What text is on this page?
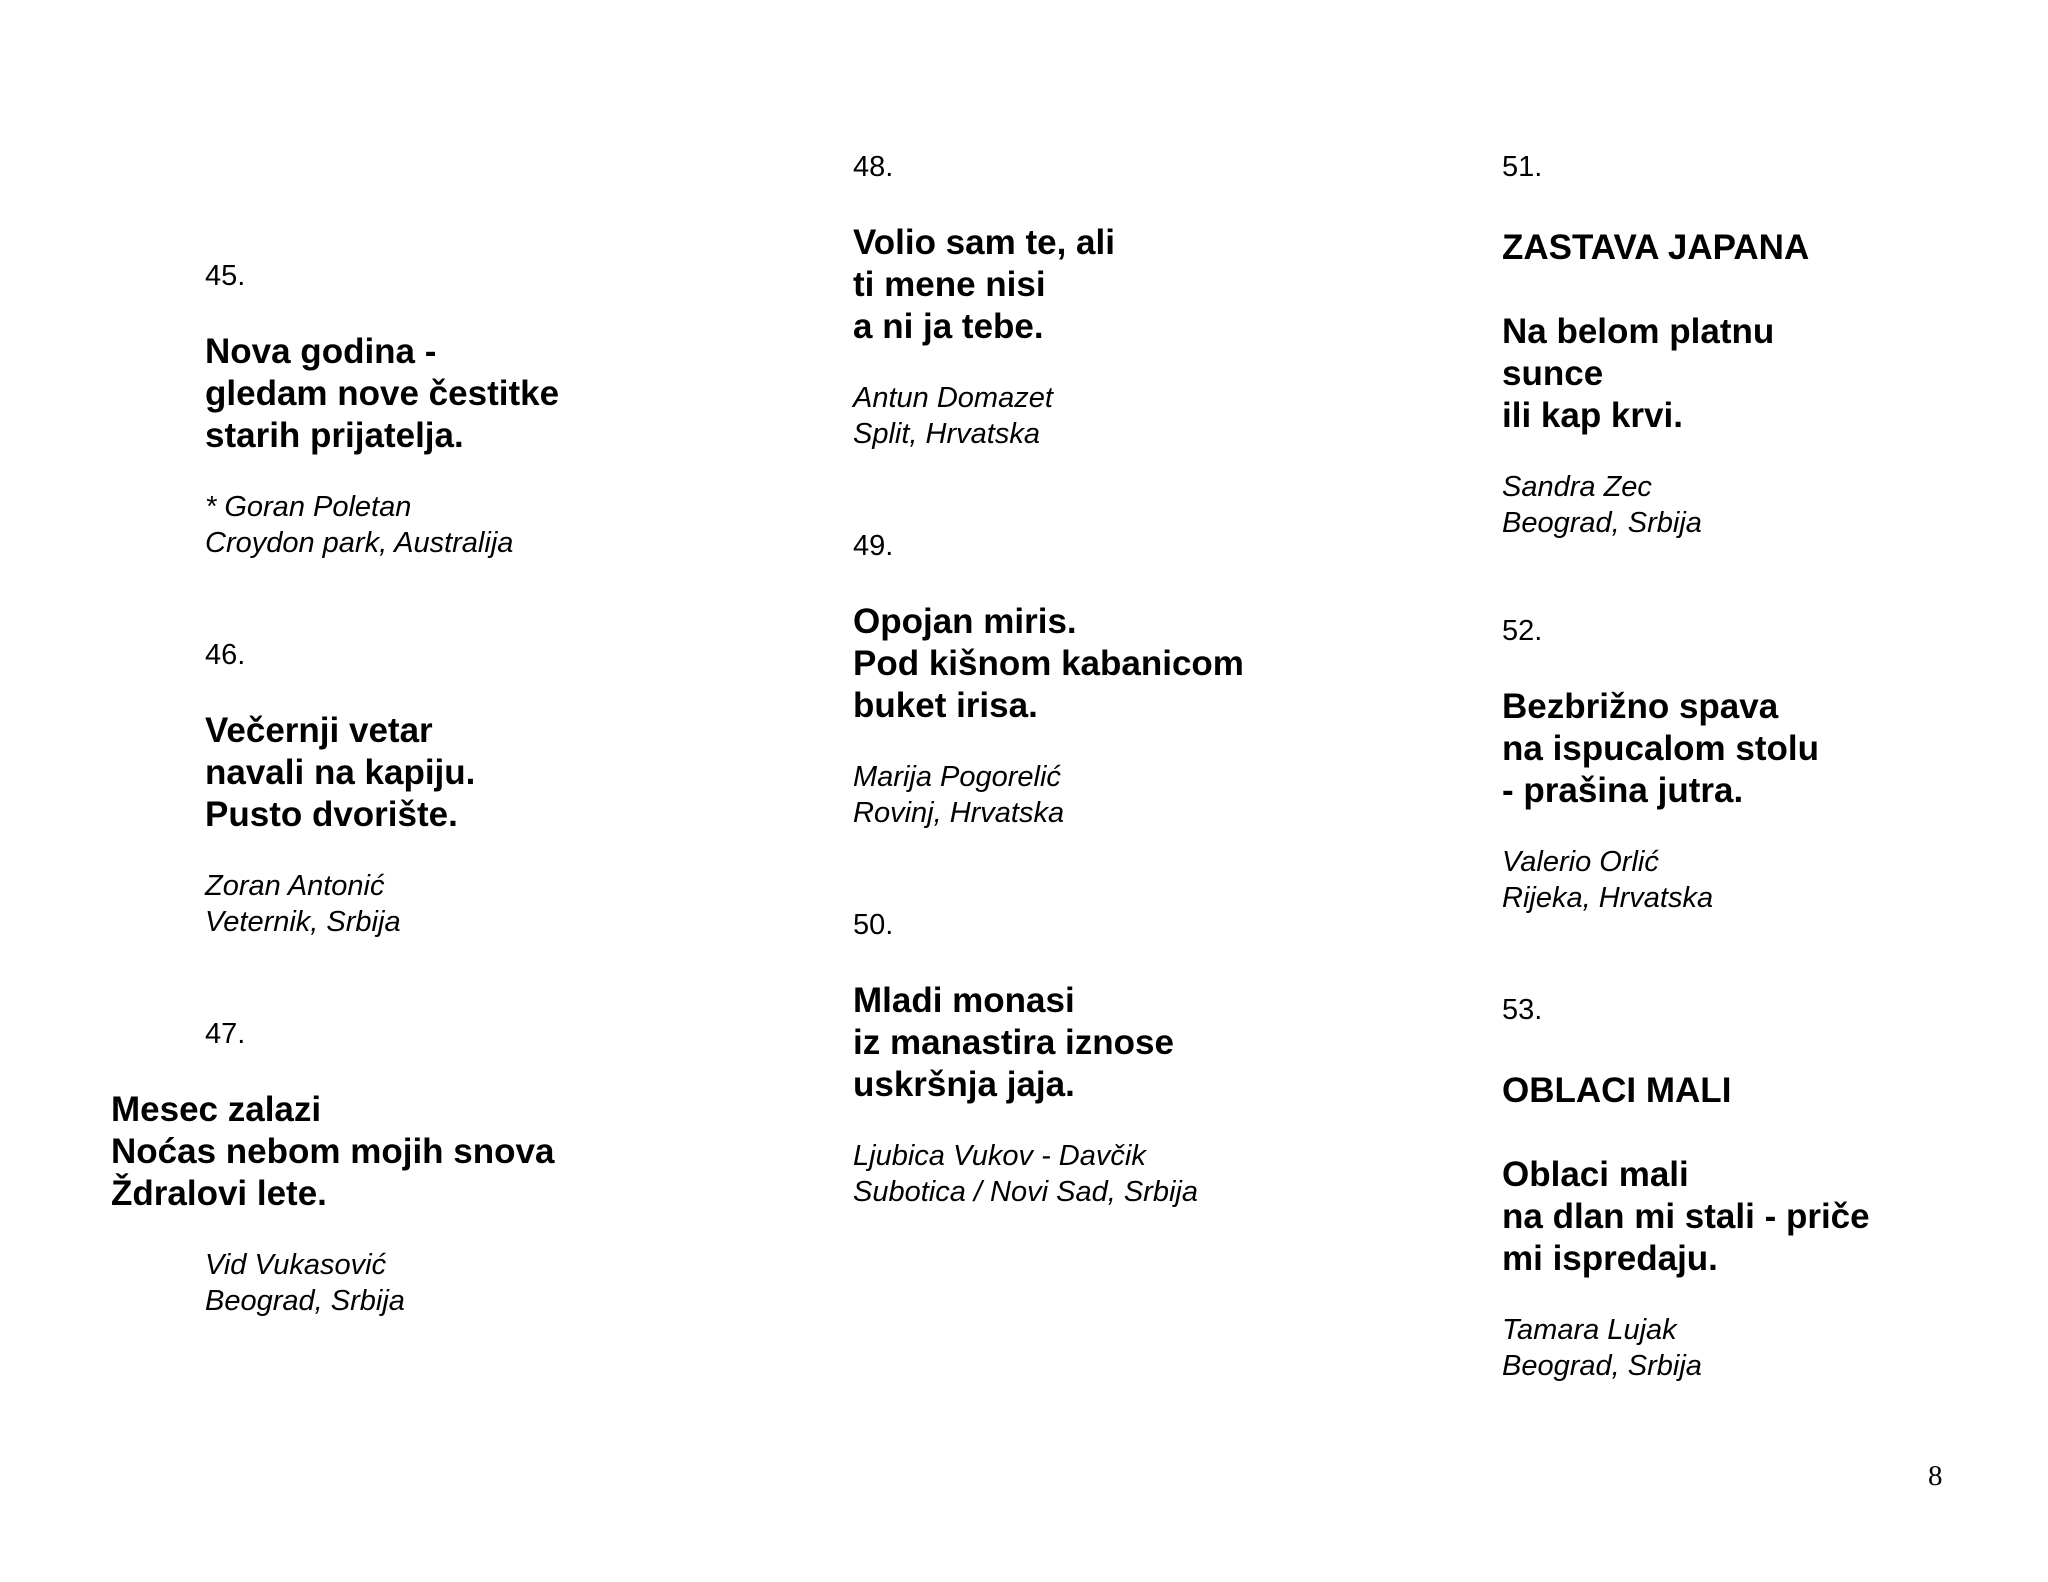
45.

Nova godina -
gledam nove čestitke
starih prijatelja.
* Goran Poletan
Croydon park, Australija

46.

Večernji vetar
navali na kapiju.
Pusto dvorište.
Zoran Antonić
Veternik, Srbija

47.

Mesec zalazi
Noćas nebom mojih snova
Ždralovi lete.
Vid Vukasović
Beograd, Srbija

48.

Volio sam te, ali
ti mene nisi
a ni ja tebe.
Antun Domazet
Split, Hrvatska

49.

Opojan miris.
Pod kišnom kabanicom
buket irisa.
Marija Pogorelić
Rovinj, Hrvatska

50.

Mladi monasi
iz manastira iznose
uskršnja jaja.
Ljubica Vukov - Davčik
Subotica / Novi Sad, Srbija

51.

ZASTAVA JAPANA
Na belom platnu
sunce
ili kap krvi.
Sandra Zec
Beograd, Srbija

52.

Bezbrižno spava
na ispucalom stolu
- prašina jutra.
Valerio Orlić
Rijeka, Hrvatska

53.

OBLACI MALI
Oblaci mali
na dlan mi stali - priče
mi ispredaju.
Tamara Lujak
Beograd, Srbija
8
